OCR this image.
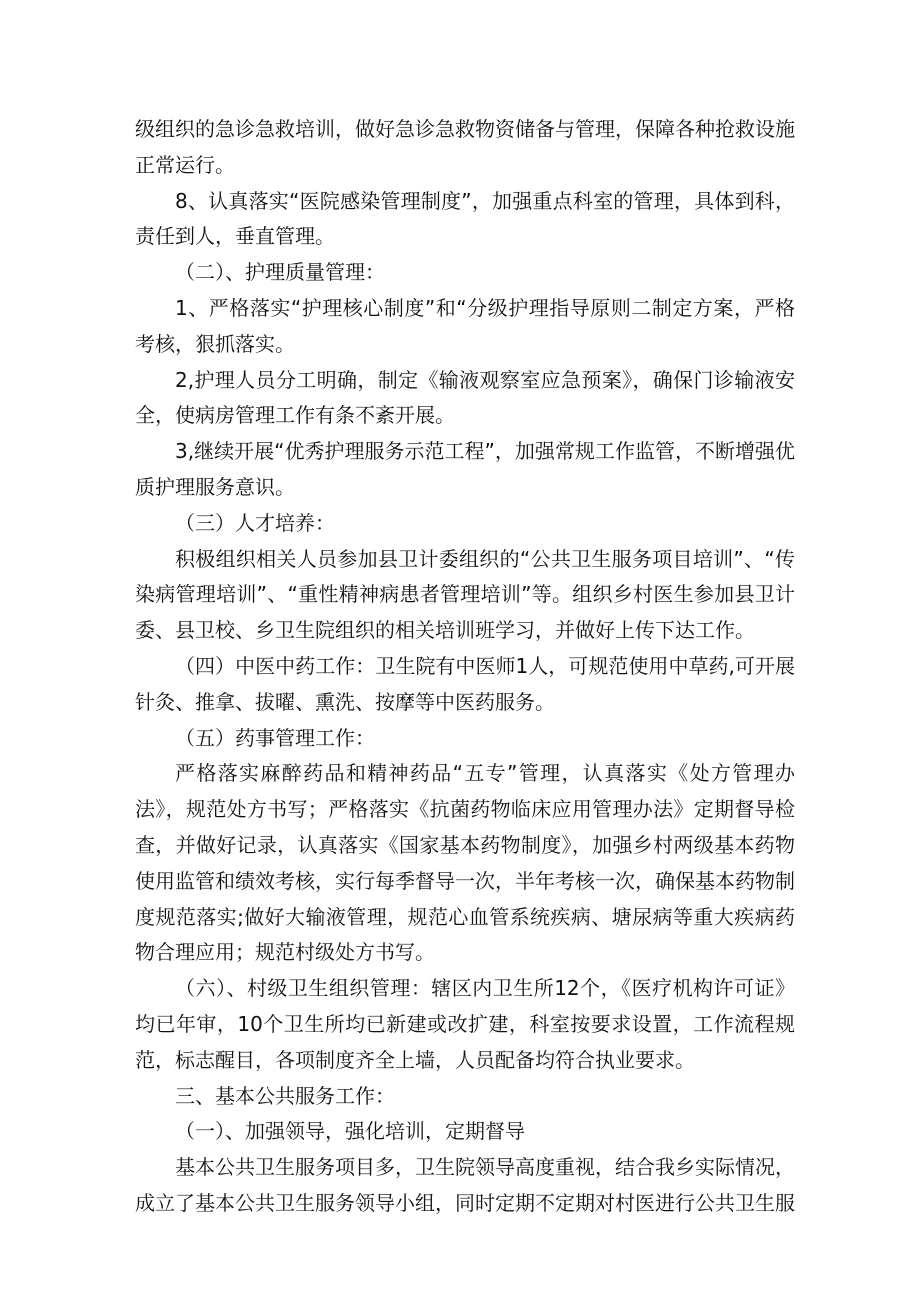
级组织的急诊急救培训，做好急诊急救物资储备与管理，保障各种抢救设施正常运行。

8、认真落实“医院感染管理制度”，加强重点科室的管理，具体到科，责任到人，垂直管理。

（二）、护理质量管理：

1、严格落实“护理核心制度”和“分级护理指导原则二制定方案，严格考核，狠抓落实。

2,护理人员分工明确，制定《输液观察室应急预案》，确保门诊输液安全，使病房管理工作有条不紊开展。

3,继续开展“优秀护理服务示范工程”，加强常规工作监管，不断增强优质护理服务意识。

（三）人才培养：

积极组织相关人员参加县卫计委组织的“公共卫生服务项目培训”、“传染病管理培训”、“重性精神病患者管理培训”等。组织乡村医生参加县卫计委、县卫校、乡卫生院组织的相关培训班学习，并做好上传下达工作。

（四）中医中药工作：卫生院有中医师1人，可规范使用中草药,可开展针灸、推拿、拔曜、熏洗、按摩等中医药服务。

（五）药事管理工作：

严格落实麻醉药品和精神药品“五专”管理，认真落实《处方管理办法》，规范处方书写；严格落实《抗菌药物临床应用管理办法》定期督导检查，并做好记录，认真落实《国家基本药物制度》，加强乡村两级基本药物使用监管和绩效考核，实行每季督导一次，半年考核一次，确保基本药物制度规范落实;做好大输液管理，规范心血管系统疾病、塘尿病等重大疾病药物合理应用；规范村级处方书写。

（六）、村级卫生组织管理：辖区内卫生所12个，《医疗机构许可证》均已年审，10个卫生所均已新建或改扩建，科室按要求设置，工作流程规范，标志醒目，各项制度齐全上墙，人员配备均符合执业要求。

三、基本公共服务工作：

（一）、加强领导，强化培训，定期督导

基本公共卫生服务项目多，卫生院领导高度重视，结合我乡实际情况，成立了基本公共卫生服务领导小组，同时定期不定期对村医进行公共卫生服
